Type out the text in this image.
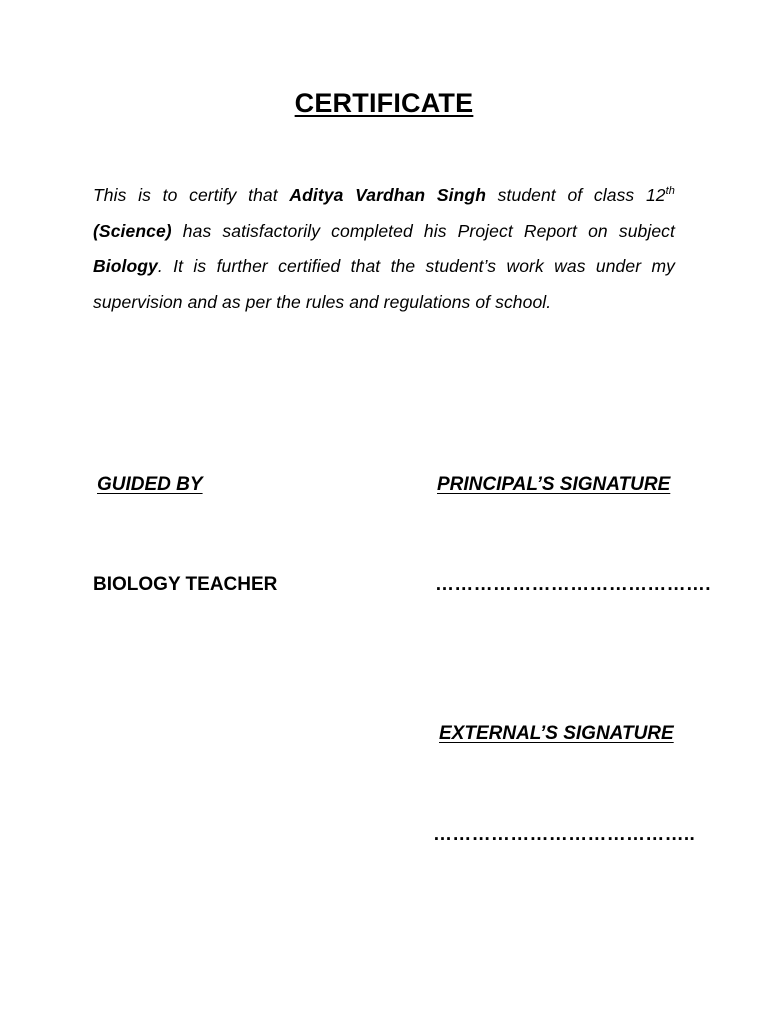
CERTIFICATE

This is to certify that Aditya Vardhan Singh student of class 12th (Science) has satisfactorily completed his Project Report on subject Biology. It is further certified that the student’s work was under my supervision and as per the rules and regulations of school.

GUIDED BY	PRINCIPAL’S SIGNATURE
BIOLOGY TEACHER	…………………………………….
EXTERNAL’S SIGNATURE
…………………………………..
